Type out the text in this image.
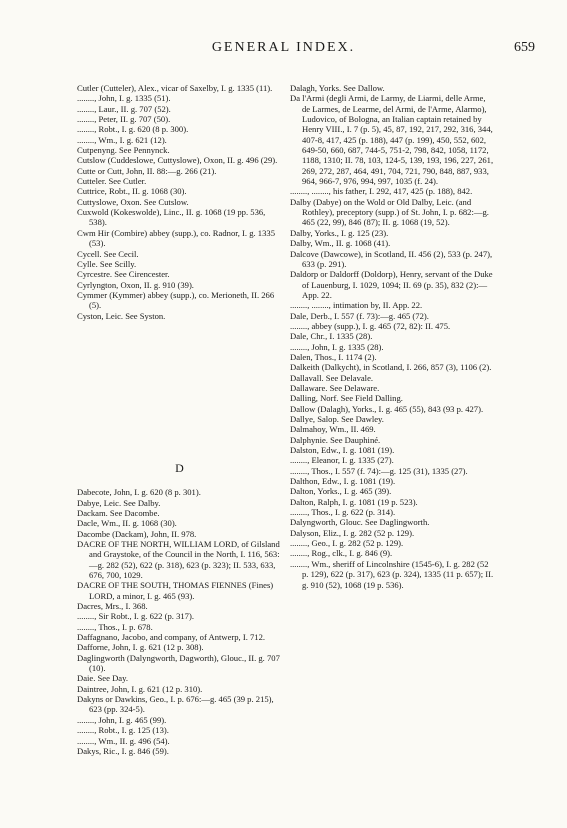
GENERAL INDEX.	659

Cutler (Cutteler), Alex., vicar of Saxelby, I. g. 1335 (11).

........, John, I. g. 1335 (51).

........, Laur., II. g. 707 (52).

........, Peter, II. g. 707 (50).

........, Robt., I. g. 620 (8 p. 300).

........, Wm., I. g. 621 (12).

Cutpenyng. See Pennynck.

Cutslow (Cuddeslowe, Cuttyslowe), Oxon, II. g. 496 (29).

Cutte or Cutt, John, II. 88:—g. 266 (21).

Cutteler. See Cutler.

Cuttrice, Robt., II. g. 1068 (30).

Cuttyslowe, Oxon. See Cutslow.

Cuxwold (Kokeswolde), Linc., II. g. 1068 (19 pp. 536, 538).

Cwm Hir (Combire) abbey (supp.), co. Radnor, I. g. 1335 (53).

Cycell. See Cecil.

Cylle. See Scilly.

Cyrcestre. See Cirencester.

Cyrlyngton, Oxon, II. g. 910 (39).

Cymmer (Kymmer) abbey (supp.), co. Merioneth, II. 266 (5).

Cyston, Leic. See Syston.

D

Dabecote, John, I. g. 620 (8 p. 301).

Dabye, Leic. See Dalby.

Dackam. See Dacombe.

Dacle, Wm., II. g. 1068 (30).

Dacombe (Dackam), John, II. 978.

DACRE OF THE NORTH, WILLIAM LORD, of Gilsland and Graystoke, of the Council in the North, I. 116, 563:—g. 282 (52), 622 (p. 318), 623 (p. 323); II. 533, 633, 676, 700, 1029.

DACRE OF THE SOUTH, THOMAS FIENNES (Fines) LORD, a minor, I. g. 465 (93).

Dacres, Mrs., I. 368.

........, Sir Robt., I. g. 622 (p. 317).

........, Thos., I. p. 678.

Daffagnano, Jacobo, and company, of Antwerp, I. 712.

Dafforne, John, I. g. 621 (12 p. 308).

Daglingworth (Dalyngworth, Dagworth), Glouc., II. g. 707 (10).

Daie. See Day.

Daintree, John, I. g. 621 (12 p. 310).

Dakyns or Dawkins, Geo., I. p. 676:—g. 465 (39 p. 215), 623 (pp. 324-5).

........, John, I. g. 465 (99).

........, Robt., I. g. 125 (13).

........, Wm., II. g. 496 (54).

Dakys, Ric., I. g. 846 (59).

Dalagh, Yorks. See Dallow.

Da l'Armi (degli Armi, de Larmy, de Liarmi, delle Arme, de Larmes, de Learme, del Armi, de l'Arme, Alarmo), Ludovico, of Bologna, an Italian captain retained by Henry VIII., I. 7 (p. 5), 45, 87, 192, 217, 292, 316, 344, 407-8, 417, 425 (p. 188), 447 (p. 199), 450, 552, 602, 649-50, 660, 687, 744-5, 751-2, 798, 842, 1058, 1172, 1188, 1310; II. 78, 103, 124-5, 139, 193, 196, 227, 261, 269, 272, 287, 464, 491, 704, 721, 790, 848, 887, 933, 964, 966-7, 976, 994, 997, 1035 (f. 24).

........, ........, his father, I. 292, 417, 425 (p. 188), 842.

Dalby (Dabye) on the Wold or Old Dalby, Leic. (and Rothley), preceptory (supp.) of St. John, I. p. 682:—g. 465 (22, 99), 846 (87); II. g. 1068 (19, 52).

Dalby, Yorks., I. g. 125 (23).

Dalby, Wm., II. g. 1068 (41).

Dalcove (Dawcowe), in Scotland, II. 456 (2), 533 (p. 247), 633 (p. 291).

Daldorp or Daldorff (Doldorp), Henry, servant of the Duke of Lauenburg, I. 1029, 1094; II. 69 (p. 35), 832 (2):—App. 22.

........, ........, intimation by, II. App. 22.

Dale, Derb., I. 557 (f. 73):—g. 465 (72).

........, abbey (supp.), I. g. 465 (72, 82): II. 475.

Dale, Chr., I. 1335 (28).

........, John, I. g. 1335 (28).

Dalen, Thos., I. 1174 (2).

Dalkeith (Dalkycht), in Scotland, I. 266, 857 (3), 1106 (2).

Dallavall. See Delavale.

Dallaware. See Delaware.

Dalling, Norf. See Field Dalling.

Dallow (Dalagh), Yorks., I. g. 465 (55), 843 (93 p. 427).

Dallye, Salop. See Dawley.

Dalmahoy, Wm., II. 469.

Dalphynie. See Dauphiné.

Dalston, Edw., I. g. 1081 (19).

........, Eleanor, I. g. 1335 (27).

........, Thos., I. 557 (f. 74):—g. 125 (31), 1335 (27).

Dalthon, Edw., I. g. 1081 (19).

Dalton, Yorks., I. g. 465 (39).

Dalton, Ralph, I. g. 1081 (19 p. 523).

........, Thos., I. g. 622 (p. 314).

Dalyngworth, Glouc. See Daglingworth.

Dalyson, Eliz., I. g. 282 (52 p. 129).

........, Geo., I. g. 282 (52 p. 129).

........, Rog., clk., I. g. 846 (9).

........, Wm., sheriff of Lincolnshire (1545-6), I. g. 282 (52 p. 129), 622 (p. 317), 623 (p. 324), 1335 (11 p. 657); II. g. 910 (52), 1068 (19 p. 536).
